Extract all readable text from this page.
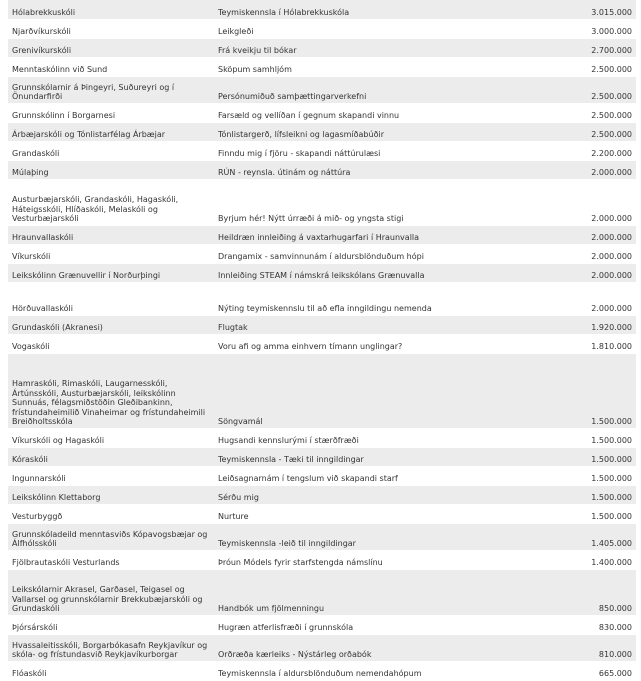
Hólabrekkuskóli	Teymiskennsla í Hólabrekkuskóla	3.015.000
Njarðvíkurskóli	Leikgleði	3.000.000
Grenivíkurskóli	Frá kveikju til bókar	2.700.000
Menntaskólinn við Sund	Sköpum samhljóm	2.500.000
Grunnskólarnir á Þingeyri, Suðureyri og í Önundarfirði	Persónumiðuð samþættingarverkefni	2.500.000
Grunnskólinn í Borgarnesi	Farsæld og vellíðan í gegnum skapandi vinnu	2.500.000
Árbæjarskóli og Tónlistarfélag Árbæjar	Tónlistargerð, lífsleikni og lagasmíðabúðir	2.500.000
Grandaskóli	Finndu mig í fjöru - skapandi náttúrulæsi	2.200.000
Múlaþing	RÚN - reynsla. útinám og náttúra	2.000.000
Austurbæjarskóli, Grandaskóli, Hagaskóli, Háteigsskóli, Hlíðaskóli, Melaskóli og Vesturbæjarskóli	Byrjum hér! Nýtt úrræði á mið- og yngsta stigi	2.000.000
Hraunvallaskóli	Heildræn innleiðing á vaxtarhugarfari í Hraunvalla	2.000.000
Víkurskóli	Drangamix - samvinnunám í aldursblönduðum hópi	2.000.000
Leikskólinn Grænuvellir í Norðurþingi	Innleiðing STEAM í námskrá leikskólans Grænuvalla	2.000.000
Hörðuvallaskóli	Nýting teymiskennslu til að efla inngildingu nemenda	2.000.000
Grundaskóli (Akranesi)	Flugtak	1.920.000
Vogaskóli	Voru afi og amma einhvern tímann unglingar?	1.810.000
Hamraskóli, Rimaskóli, Laugarnesskóli, Ártúnsskóli, Austurbæjarskóli, leikskólinn Sunnuás, félagsmiðstöðin Gleðibankinn, frístundaheimilið Vinaheimar og frístundaheimili Breiðholtsskóla	Söngvamál	1.500.000
Víkurskóli og Hagaskóli	Hugsandi kennslurými í stærðfræði	1.500.000
Kóraskóli	Teymiskennsla - Tæki til inngildingar	1.500.000
Ingunnarskóli	Leiðsagnarnám í tengslum við skapandi starf	1.500.000
Leikskólinn Klettaborg	Sérðu mig	1.500.000
Vesturbyggð	Nurture	1.500.000
Grunnskóladeild menntasviðs Kópavogsbæjar og Álfhólsskóli	Teymiskennsla -leið til inngildingar	1.405.000
Fjölbrautaskóli Vesturlands	Þróun Módels fyrir starfstengda námslínu	1.400.000
Leikskólarnir Akrasel, Garðasel, Teigasel og Vallarsel og grunnskólarnir Brekkubæjarskóli og Grundaskóli	Handbók um fjölmenningu	850.000
Þjórsárskóli	Hugræn atferlisfræði í grunnskóla	830.000
Hvassaleitisskóli, Borgarbókasafn Reykjavíkur og skóla- og frístundasvið Reykjavíkurborgar	Orðræða kærleiks - Nýstárleg orðabók	810.000
Flóaskóli	Teymiskennsla í aldursblönduðum nemendahópum	665.000
